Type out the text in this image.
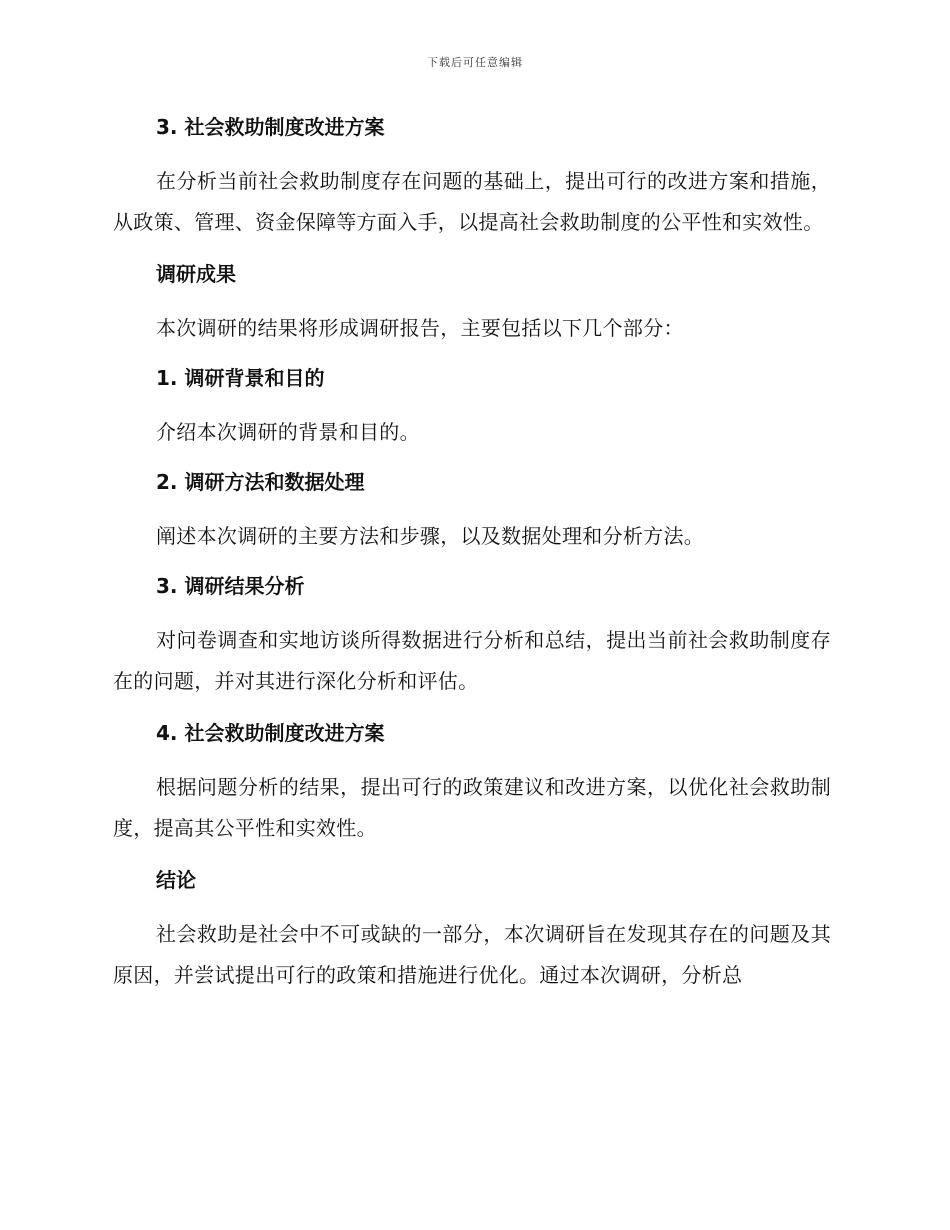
下载后可任意编辑
3. 社会救助制度改进方案

在分析当前社会救助制度存在问题的基础上，提出可行的改进方案和措施，从政策、管理、资金保障等方面入手，以提高社会救助制度的公平性和实效性。

调研成果

本次调研的结果将形成调研报告，主要包括以下几个部分：

1. 调研背景和目的

介绍本次调研的背景和目的。

2. 调研方法和数据处理

阐述本次调研的主要方法和步骤，以及数据处理和分析方法。

3. 调研结果分析

对问卷调查和实地访谈所得数据进行分析和总结，提出当前社会救助制度存在的问题，并对其进行深化分析和评估。

4. 社会救助制度改进方案

根据问题分析的结果，提出可行的政策建议和改进方案，以优化社会救助制度，提高其公平性和实效性。

结论

社会救助是社会中不可或缺的一部分，本次调研旨在发现其存在的问题及其原因，并尝试提出可行的政策和措施进行优化。通过本次调研，分析总
